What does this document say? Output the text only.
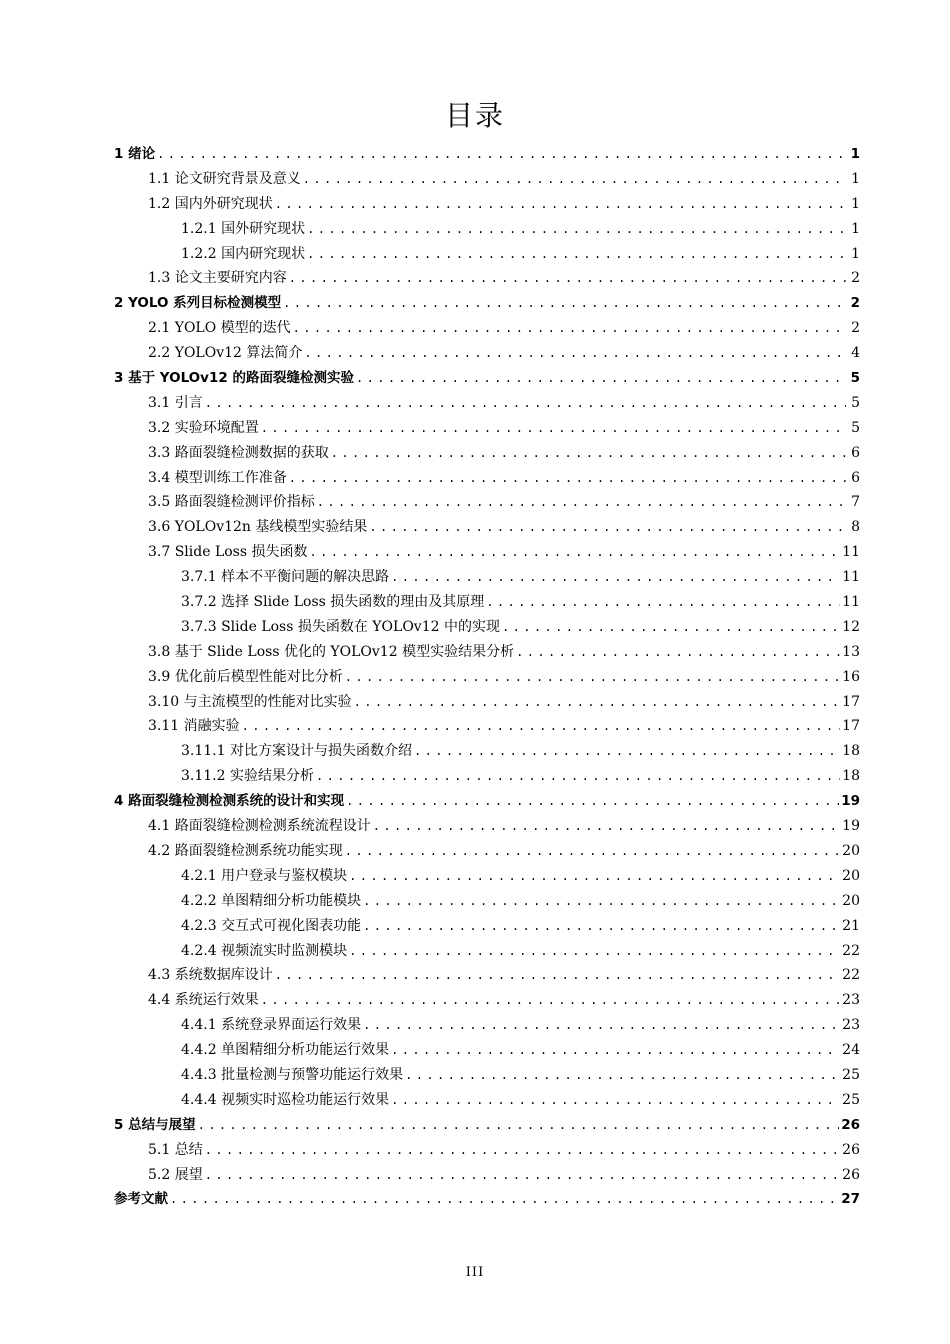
目录
1 绪论 .....	1
1.1 论文研究背景及意义 .....	1
1.2 国内外研究现状 .....	1
1.2.1 国外研究现状 .....	1
1.2.2 国内研究现状 .....	1
1.3 论文主要研究内容 .....	2
2 YOLO 系列目标检测模型 .....	2
2.1 YOLO 模型的迭代 .....	2
2.2 YOLOv12 算法简介 .....	4
3 基于 YOLOv12 的路面裂缝检测实验 .....	5
3.1 引言 .....	5
3.2 实验环境配置 .....	5
3.3 路面裂缝检测数据的获取 .....	6
3.4 模型训练工作准备 .....	6
3.5 路面裂缝检测评价指标 .....	7
3.6 YOLOv12n 基线模型实验结果 .....	8
3.7 Slide Loss 损失函数 .....	11
3.7.1 样本不平衡问题的解决思路 .....	11
3.7.2 选择 Slide Loss 损失函数的理由及其原理 .....	11
3.7.3 Slide Loss 损失函数在 YOLOv12 中的实现 .....	12
3.8 基于 Slide Loss 优化的 YOLOv12 模型实验结果分析 .....	13
3.9 优化前后模型性能对比分析 .....	16
3.10 与主流模型的性能对比实验 .....	17
3.11 消融实验 .....	17
3.11.1 对比方案设计与损失函数介绍 .....	18
3.11.2 实验结果分析 .....	18
4 路面裂缝检测检测系统的设计和实现 .....	19
4.1 路面裂缝检测检测系统流程设计 .....	19
4.2 路面裂缝检测系统功能实现 .....	20
4.2.1 用户登录与鉴权模块 .....	20
4.2.2 单图精细分析功能模块 .....	20
4.2.3 交互式可视化图表功能 .....	21
4.2.4 视频流实时监测模块 .....	22
4.3 系统数据库设计 .....	22
4.4 系统运行效果 .....	23
4.4.1 系统登录界面运行效果 .....	23
4.4.2 单图精细分析功能运行效果 .....	24
4.4.3 批量检测与预警功能运行效果 .....	25
4.4.4 视频实时巡检功能运行效果 .....	25
5 总结与展望 .....	26
5.1 总结 .....	26
5.2 展望 .....	26
参考文献 .....	27
III
